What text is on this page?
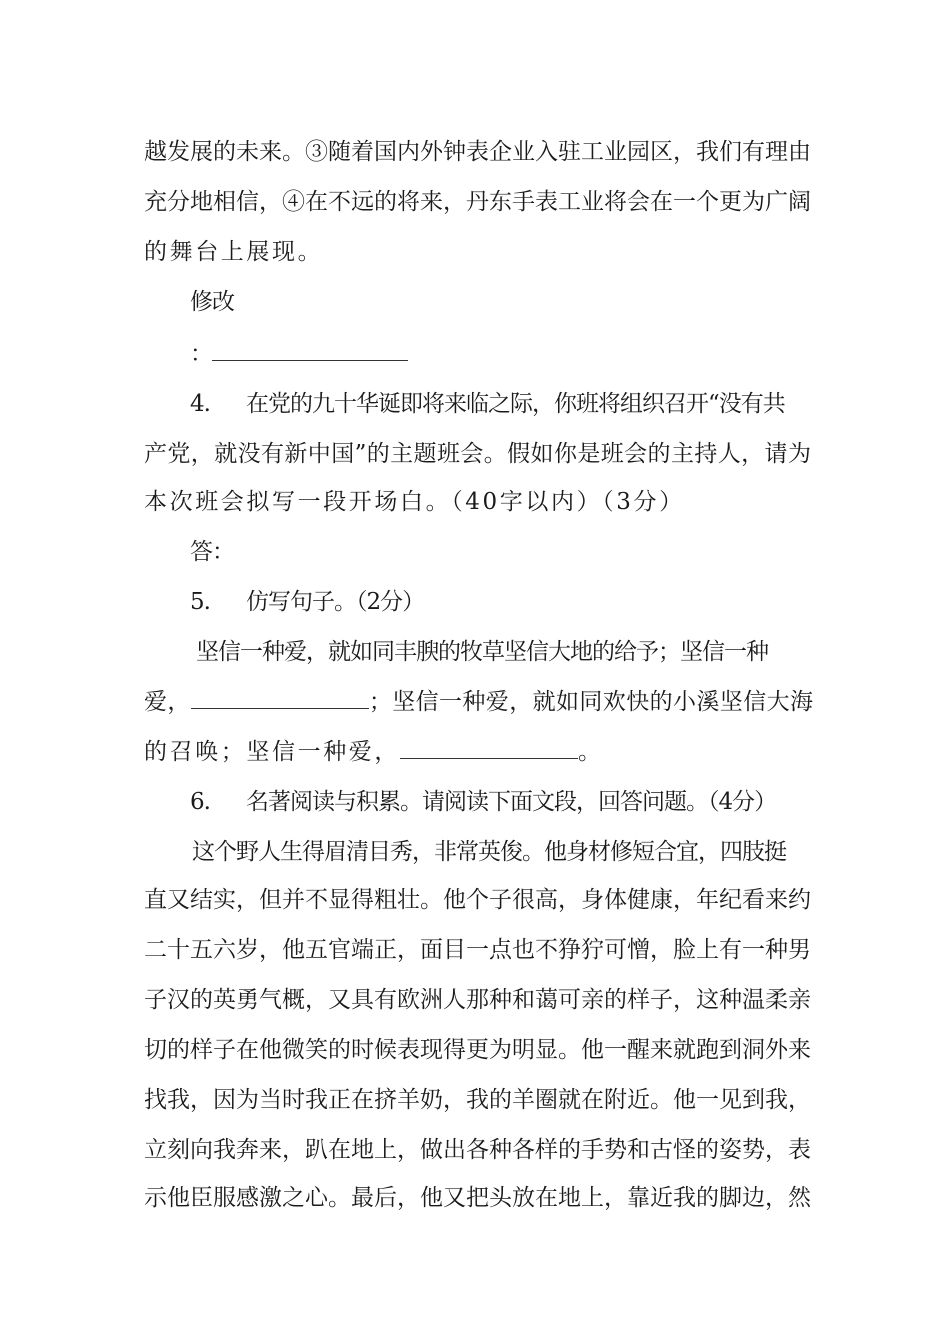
越发展的未来。③随着国内外钟表企业入驻工业园区，我们有理由
充分地相信，④在不远的将来，丹东手表工业将会在一个更为广阔
的舞台上展现。
修改
：
4. 在党的九十华诞即将来临之际，你班将组织召开“没有共
产党，就没有新中国”的主题班会。假如你是班会的主持人，请为
本次班会拟写一段开场白。（40字以内）（3分）
答：
5. 仿写句子。（2分）
坚信一种爱，就如同丰腴的牧草坚信大地的给予；坚信一种
爱，	；坚信一种爱，就如同欢快的小溪坚信大海
的召唤；坚信一种爱，	。
6. 名著阅读与积累。请阅读下面文段，回答问题。（4分）
这个野人生得眉清目秀，非常英俊。他身材修短合宜，四肢挺
直又结实，但并不显得粗壮。他个子很高，身体健康，年纪看来约
二十五六岁，他五官端正，面目一点也不狰狞可憎，脸上有一种男
子汉的英勇气概，又具有欧洲人那种和蔼可亲的样子，这种温柔亲
切的样子在他微笑的时候表现得更为明显。他一醒来就跑到洞外来
找我，因为当时我正在挤羊奶，我的羊圈就在附近。他一见到我，
立刻向我奔来，趴在地上，做出各种各样的手势和古怪的姿势，表
示他臣服感激之心。最后，他又把头放在地上，靠近我的脚边，然
